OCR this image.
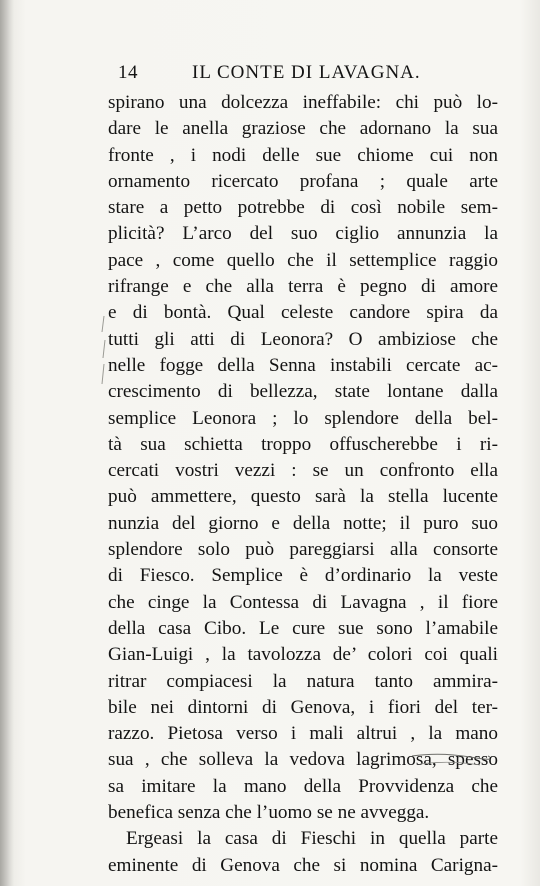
14	IL CONTE DI LAVAGNA.
spirano una dolcezza ineffabile: chi può lo-
dare le anella graziose che adornano la sua
fronte , i nodi delle sue chiome cui non
ornamento ricercato profana ; quale arte
stare a petto potrebbe di così nobile sem-
plicità? L’arco del suo ciglio annunzia la
pace , come quello che il settemplice raggio
rifrange e che alla terra è pegno di amore
e di bontà. Qual celeste candore spira da
tutti gli atti di Leonora? O ambiziose che
nelle fogge della Senna instabili cercate ac-
crescimento di bellezza, state lontane dalla
semplice Leonora ; lo splendore della bel-
tà sua schietta troppo offuscherebbe i ri-
cercati vostri vezzi : se un confronto ella
può ammettere, questo sarà la stella lucente
nunzia del giorno e della notte; il puro suo
splendore solo può pareggiarsi alla consorte
di Fiesco. Semplice è d’ordinario la veste
che cinge la Contessa di Lavagna , il fiore
della casa Cibo. Le cure sue sono l’amabile
Gian-Luigi , la tavolozza de’ colori coi quali
ritrar compiacesi la natura tanto ammira-
bile nei dintorni di Genova, i fiori del ter-
razzo. Pietosa verso i mali altrui , la mano
sua , che solleva la vedova lagrimosa, spesso
sa imitare la mano della Provvidenza che
benefica senza che l’uomo se ne avvegga.
Ergeasi la casa di Fieschi in quella parte
eminente di Genova che si nomina Carigna-
